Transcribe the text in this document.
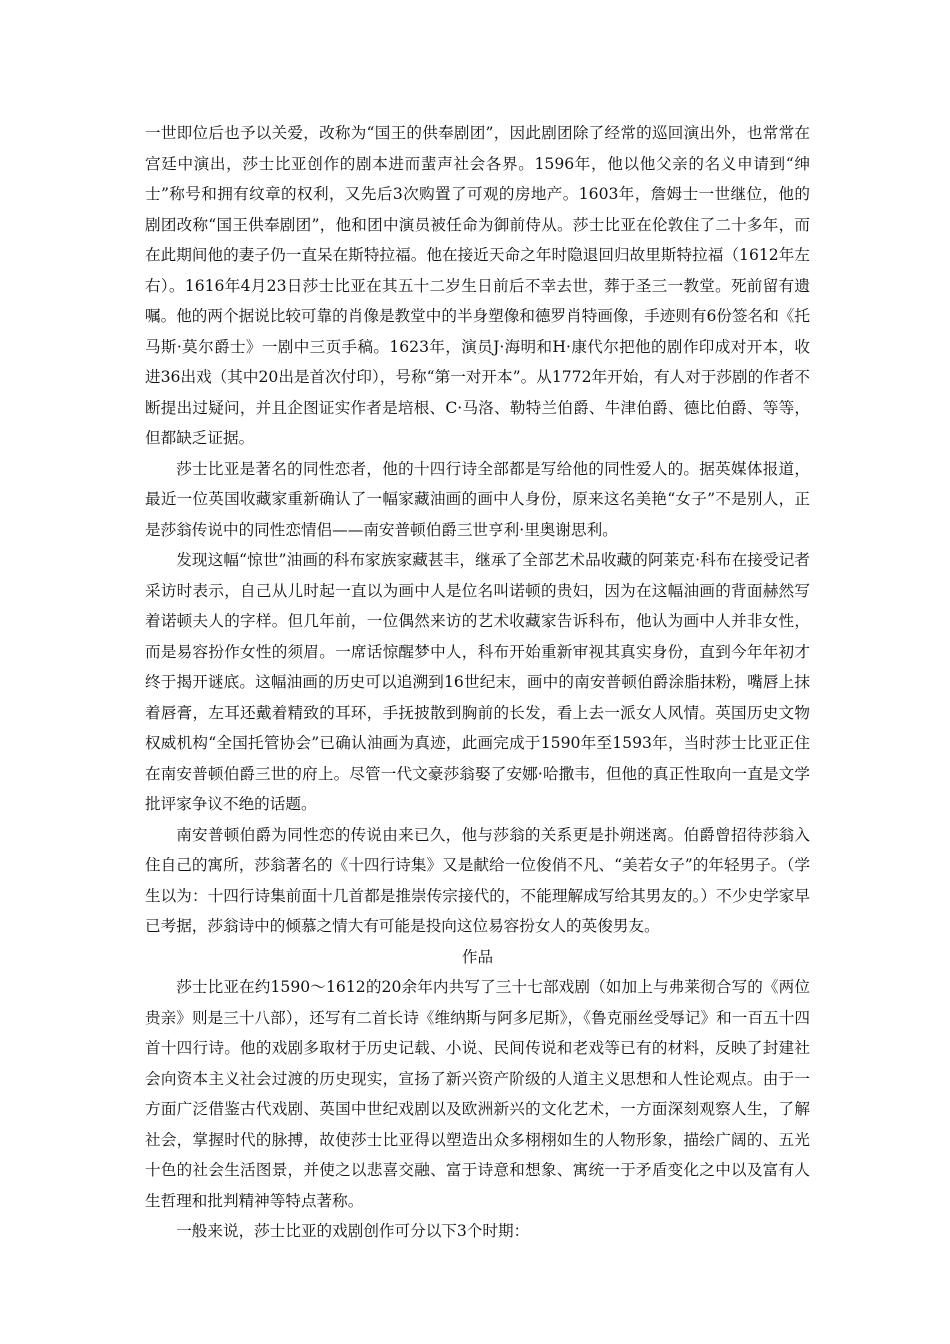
一世即位后也予以关爱，改称为“国王的供奉剧团”，因此剧团除了经常的巡回演出外，也常常在宫廷中演出，莎士比亚创作的剧本进而蜚声社会各界。1596年，他以他父亲的名义申请到“绅士”称号和拥有纹章的权利，又先后3次购置了可观的房地产。1603年，詹姆士一世继位，他的剧团改称“国王供奉剧团”，他和团中演员被任命为御前侍从。莎士比亚在伦敦住了二十多年，而在此期间他的妻子仍一直呆在斯特拉福。他在接近天命之年时隐退回归故里斯特拉福（1612年左右）。1616年4月23日莎士比亚在其五十二岁生日前后不幸去世，葬于圣三一教堂。死前留有遗嘱。他的两个据说比较可靠的肖像是教堂中的半身塑像和德罗肖特画像，手迹则有6份签名和《托马斯·莫尔爵士》一剧中三页手稿。1623年，演员J·海明和H·康代尔把他的剧作印成对开本，收进36出戏（其中20出是首次付印），号称“第一对开本”。从1772年开始，有人对于莎剧的作者不断提出过疑问，并且企图证实作者是培根、C·马洛、勒特兰伯爵、牛津伯爵、德比伯爵、等等，但都缺乏证据。

莎士比亚是著名的同性恋者，他的十四行诗全部都是写给他的同性爱人的。据英媒体报道，最近一位英国收藏家重新确认了一幅家藏油画的画中人身份，原来这名美艳“女子”不是别人，正是莎翁传说中的同性恋情侣——南安普顿伯爵三世亨利·里奥谢思利。

发现这幅“惊世”油画的科布家族家藏甚丰，继承了全部艺术品收藏的阿莱克·科布在接受记者采访时表示，自己从儿时起一直以为画中人是位名叫诺顿的贵妇，因为在这幅油画的背面赫然写着诺顿夫人的字样。但几年前，一位偶然来访的艺术收藏家告诉科布，他认为画中人并非女性，而是易容扮作女性的须眉。一席话惊醒梦中人，科布开始重新审视其真实身份，直到今年年初才终于揭开谜底。这幅油画的历史可以追溯到16世纪末，画中的南安普顿伯爵涂脂抹粉，嘴唇上抹着唇膏，左耳还戴着精致的耳环，手抚披散到胸前的长发，看上去一派女人风情。英国历史文物权威机构“全国托管协会”已确认油画为真迹，此画完成于1590年至1593年，当时莎士比亚正住在南安普顿伯爵三世的府上。尽管一代文豪莎翁娶了安娜·哈撒韦，但他的真正性取向一直是文学批评家争议不绝的话题。

南安普顿伯爵为同性恋的传说由来已久，他与莎翁的关系更是扑朔迷离。伯爵曾招待莎翁入住自己的寓所，莎翁著名的《十四行诗集》又是献给一位俊俏不凡、“美若女子”的年轻男子。（学生以为：十四行诗集前面十几首都是推崇传宗接代的，不能理解成写给其男友的。）不少史学家早已考据，莎翁诗中的倾慕之情大有可能是投向这位易容扮女人的英俊男友。

作品

莎士比亚在约1590～1612的20余年内共写了三十七部戏剧（如加上与弗莱彻合写的《两位贵亲》则是三十八部），还写有二首长诗《维纳斯与阿多尼斯》，《鲁克丽丝受辱记》和一百五十四首十四行诗。他的戏剧多取材于历史记载、小说、民间传说和老戏等已有的材料，反映了封建社会向资本主义社会过渡的历史现实，宣扬了新兴资产阶级的人道主义思想和人性论观点。由于一方面广泛借鉴古代戏剧、英国中世纪戏剧以及欧洲新兴的文化艺术，一方面深刻观察人生，了解社会，掌握时代的脉搏，故使莎士比亚得以塑造出众多栩栩如生的人物形象，描绘广阔的、五光十色的社会生活图景，并使之以悲喜交融、富于诗意和想象、寓统一于矛盾变化之中以及富有人生哲理和批判精神等特点著称。

一般来说，莎士比亚的戏剧创作可分以下3个时期：
